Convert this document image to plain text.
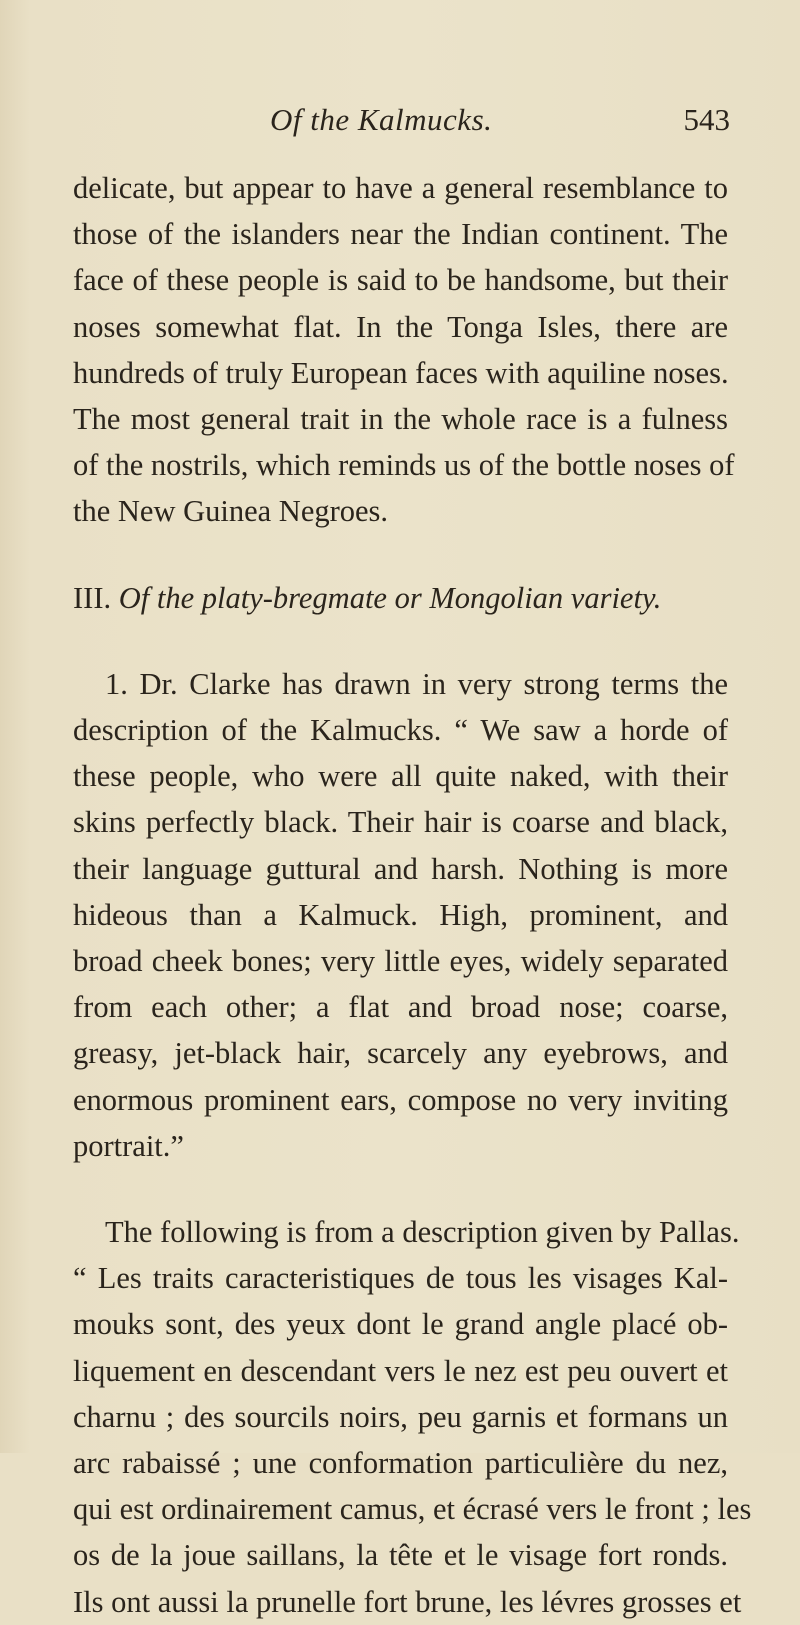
Of the Kalmucks.	543

delicate, but appear to have a general resemblance to
those of the islanders near the Indian continent. The
face of these people is said to be handsome, but their
noses somewhat flat. In the Tonga Isles, there are
hundreds of truly European faces with aquiline noses.
The most general trait in the whole race is a fulness
of the nostrils, which reminds us of the bottle noses of
the New Guinea Negroes.

III. Of the platy-bregmate or Mongolian variety.

1. Dr. Clarke has drawn in very strong terms the
description of the Kalmucks. “ We saw a horde of
these people, who were all quite naked, with their
skins perfectly black. Their hair is coarse and black,
their language guttural and harsh. Nothing is more
hideous than a Kalmuck. High, prominent, and
broad cheek bones; very little eyes, widely separated
from each other; a flat and broad nose; coarse,
greasy, jet-black hair, scarcely any eyebrows, and
enormous prominent ears, compose no very inviting
portrait.”

The following is from a description given by Pallas.
“ Les traits caracteristiques de tous les visages Kal-
mouks sont, des yeux dont le grand angle placé ob-
liquement en descendant vers le nez est peu ouvert et
charnu ; des sourcils noirs, peu garnis et formans un
arc rabaissé ; une conformation particulière du nez,
qui est ordinairement camus, et écrasé vers le front ; les
os de la joue saillans, la tête et le visage fort ronds.
Ils ont aussi la prunelle fort brune, les lévres grosses et
